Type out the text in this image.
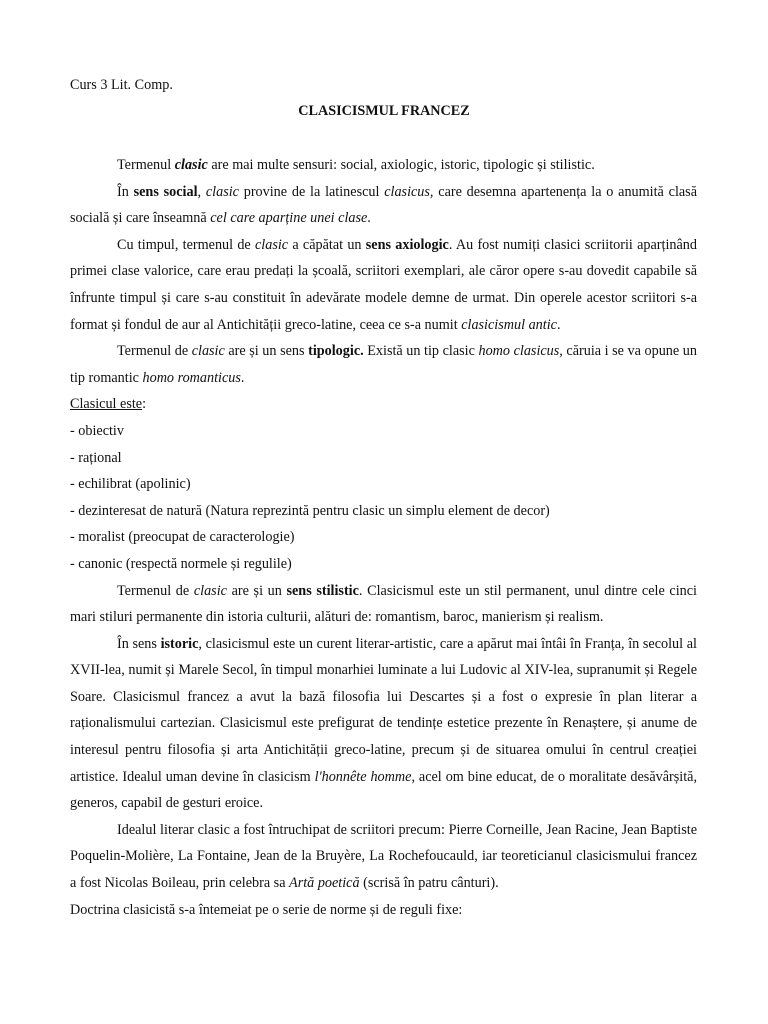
Curs 3 Lit. Comp.
CLASICISMUL FRANCEZ

Termenul clasic are mai multe sensuri: social, axiologic, istoric, tipologic și stilistic.

În sens social, clasic provine de la latinescul clasicus, care desemna apartenența la o anumită clasă socială și care înseamnă cel care aparține unei clase.

Cu timpul, termenul de clasic a căpătat un sens axiologic. Au fost numiți clasici scriitorii aparținând primei clase valorice, care erau predați la școală, scriitori exemplari, ale căror opere s-au dovedit capabile să înfrunte timpul și care s-au constituit în adevărate modele demne de urmat. Din operele acestor scriitori s-a format și fondul de aur al Antichității greco-latine, ceea ce s-a numit clasicismul antic.

Termenul de clasic are și un sens tipologic. Există un tip clasic homo clasicus, căruia i se va opune un tip romantic homo romanticus.

Clasicul este:

- obiectiv

- rațional

- echilibrat (apolinic)

- dezinteresat de natură (Natura reprezintă pentru clasic un simplu element de decor)

- moralist (preocupat de caracterologie)

- canonic (respectă normele și regulile)

Termenul de clasic are și un sens stilistic. Clasicismul este un stil permanent, unul dintre cele cinci mari stiluri permanente din istoria culturii, alături de: romantism, baroc, manierism și realism.

În sens istoric, clasicismul este un curent literar-artistic, care a apărut mai întâi în Franța, în secolul al XVII-lea, numit și Marele Secol, în timpul monarhiei luminate a lui Ludovic al XIV-lea, supranumit și Regele Soare. Clasicismul francez a avut la bază filosofia lui Descartes și a fost o expresie în plan literar a raționalismului cartezian. Clasicismul este prefigurat de tendințe estetice prezente în Renaștere, și anume de interesul pentru filosofia și arta Antichității greco-latine, precum și de situarea omului în centrul creației artistice. Idealul uman devine în clasicism l'honnête homme, acel om bine educat, de o moralitate desăvârșită, generos, capabil de gesturi eroice.

Idealul literar clasic a fost întruchipat de scriitori precum: Pierre Corneille, Jean Racine, Jean Baptiste Poquelin-Molière, La Fontaine, Jean de la Bruyère, La Rochefoucauld, iar teoreticianul clasicismului francez a fost Nicolas Boileau, prin celebra sa Artă poetică (scrisă în patru cânturi).

Doctrina clasicistă s-a întemeiat pe o serie de norme și de reguli fixe:
